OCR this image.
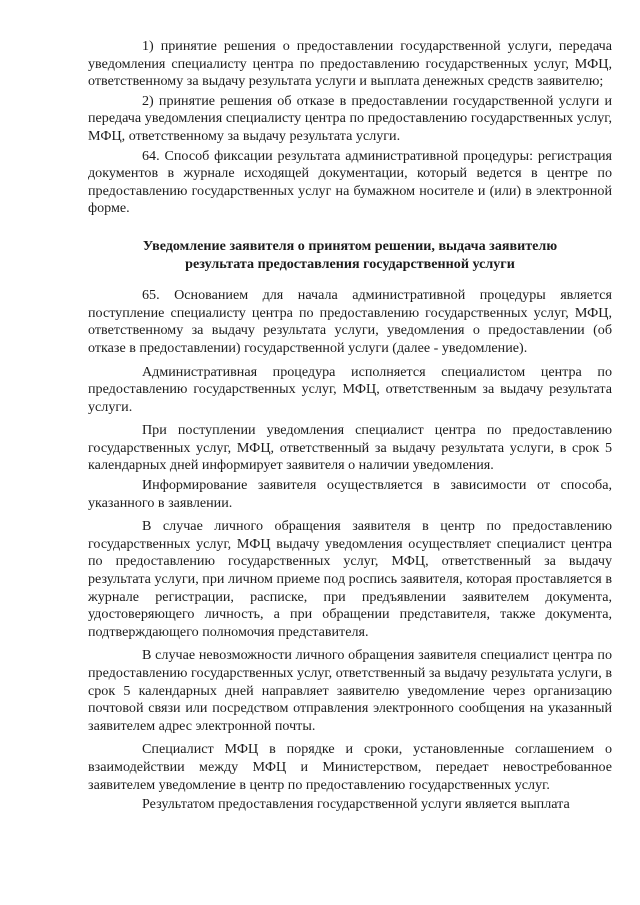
1) принятие решения о предоставлении государственной услуги, передача уведомления специалисту центра по предоставлению государственных услуг, МФЦ, ответственному за выдачу результата услуги и выплата денежных средств заявителю;

2) принятие решения об отказе в предоставлении государственной услуги и передача уведомления специалисту центра по предоставлению государственных услуг, МФЦ, ответственному за выдачу результата услуги.

64. Способ фиксации результата административной процедуры: регистрация документов в журнале исходящей документации, который ведется в центре по предоставлению государственных услуг на бумажном носителе и (или) в электронной форме.

Уведомление заявителя о принятом решении, выдача заявителю
результата предоставления государственной услуги

65. Основанием для начала административной процедуры является поступление специалисту центра по предоставлению государственных услуг, МФЦ, ответственному за выдачу результата услуги, уведомления о предоставлении (об отказе в предоставлении) государственной услуги (далее - уведомление).

Административная процедура исполняется специалистом центра по предоставлению государственных услуг, МФЦ, ответственным за выдачу результата услуги.

При поступлении уведомления специалист центра по предоставлению государственных услуг, МФЦ, ответственный за выдачу результата услуги, в срок 5 календарных дней информирует заявителя о наличии уведомления.

Информирование заявителя осуществляется в зависимости от способа, указанного в заявлении.

В случае личного обращения заявителя в центр по предоставлению государственных услуг, МФЦ выдачу уведомления осуществляет специалист центра по предоставлению государственных услуг, МФЦ, ответственный за выдачу результата услуги, при личном приеме под роспись заявителя, которая проставляется в журнале регистрации, расписке, при предъявлении заявителем документа, удостоверяющего личность, а при обращении представителя, также документа, подтверждающего полномочия представителя.

В случае невозможности личного обращения заявителя специалист центра по предоставлению государственных услуг, ответственный за выдачу результата услуги, в срок 5 календарных дней направляет заявителю уведомление через организацию почтовой связи или посредством отправления электронного сообщения на указанный заявителем адрес электронной почты.

Специалист МФЦ в порядке и сроки, установленные соглашением о взаимодействии между МФЦ и Министерством, передает невостребованное заявителем уведомление в центр по предоставлению государственных услуг.

Результатом предоставления государственной услуги является выплата
